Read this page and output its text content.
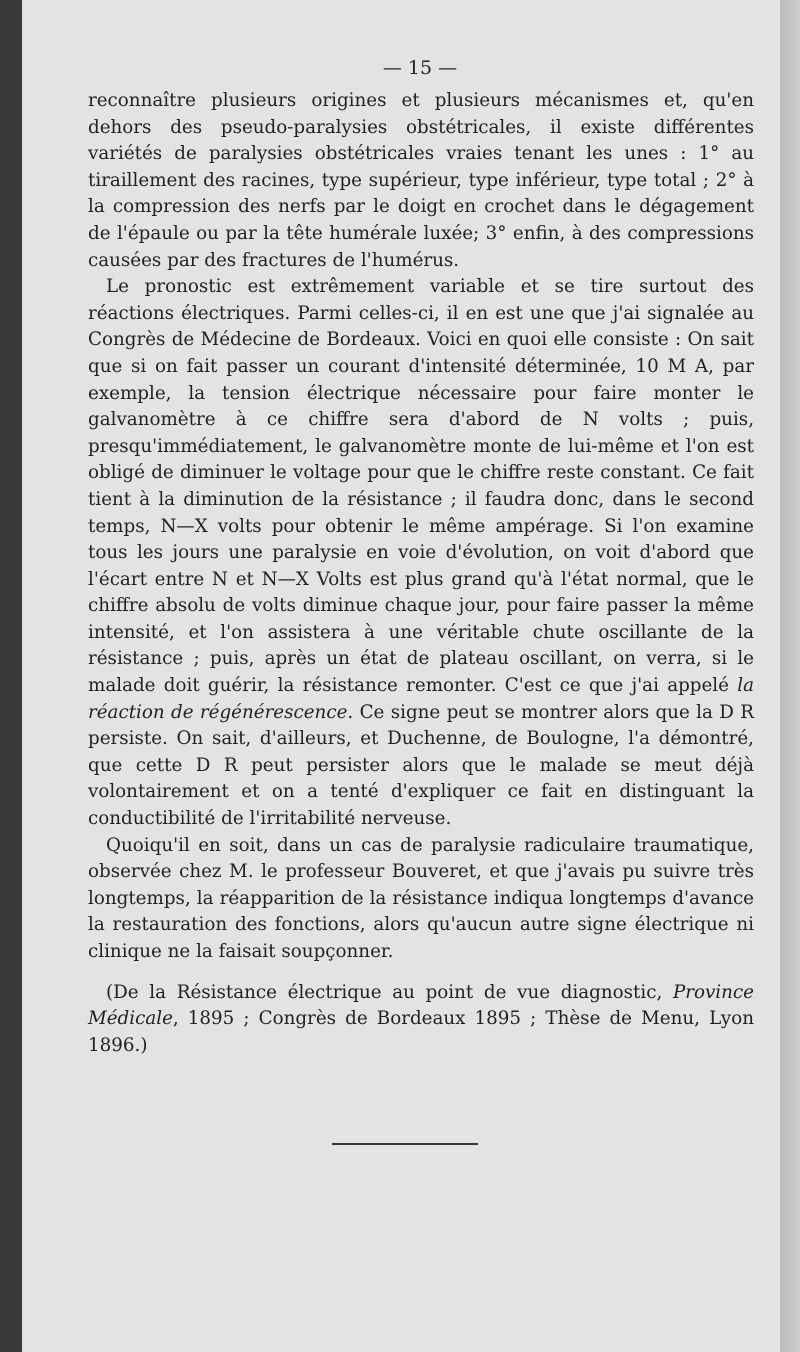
— 15 —

reconnaître plusieurs origines et plusieurs mécanismes et, qu'en dehors des pseudo-paralysies obstétricales, il existe différentes variétés de paralysies obstétricales vraies tenant les unes : 1° au tiraillement des racines, type supérieur, type inférieur, type total ; 2° à la compression des nerfs par le doigt en crochet dans le dégagement de l'épaule ou par la tête humérale luxée; 3° enfin, à des compressions causées par des fractures de l'humérus.

Le pronostic est extrêmement variable et se tire surtout des réactions électriques. Parmi celles-ci, il en est une que j'ai signalée au Congrès de Médecine de Bordeaux. Voici en quoi elle consiste : On sait que si on fait passer un courant d'intensité déterminée, 10 M A, par exemple, la tension électrique nécessaire pour faire monter le galvanomètre à ce chiffre sera d'abord de N volts ; puis, presqu'immédiatement, le galvanomètre monte de lui-même et l'on est obligé de diminuer le voltage pour que le chiffre reste constant. Ce fait tient à la diminution de la résistance ; il faudra donc, dans le second temps, N—X volts pour obtenir le même ampérage. Si l'on examine tous les jours une paralysie en voie d'évolution, on voit d'abord que l'écart entre N et N—X Volts est plus grand qu'à l'état normal, que le chiffre absolu de volts diminue chaque jour, pour faire passer la même intensité, et l'on assistera à une véritable chute oscillante de la résistance ; puis, après un état de plateau oscillant, on verra, si le malade doit guérir, la résistance remonter. C'est ce que j'ai appelé la réaction de régénérescence. Ce signe peut se montrer alors que la D R persiste. On sait, d'ailleurs, et Duchenne, de Boulogne, l'a démontré, que cette D R peut persister alors que le malade se meut déjà volontairement et on a tenté d'expliquer ce fait en distinguant la conductibilité de l'irritabilité nerveuse.

Quoiqu'il en soit, dans un cas de paralysie radiculaire traumatique, observée chez M. le professeur Bouveret, et que j'avais pu suivre très longtemps, la réapparition de la résistance indiqua longtemps d'avance la restauration des fonctions, alors qu'aucun autre signe électrique ni clinique ne la faisait soupçonner.

(De la Résistance électrique au point de vue diagnostic, Province Médicale, 1895 ; Congrès de Bordeaux 1895 ; Thèse de Menu, Lyon 1896.)
